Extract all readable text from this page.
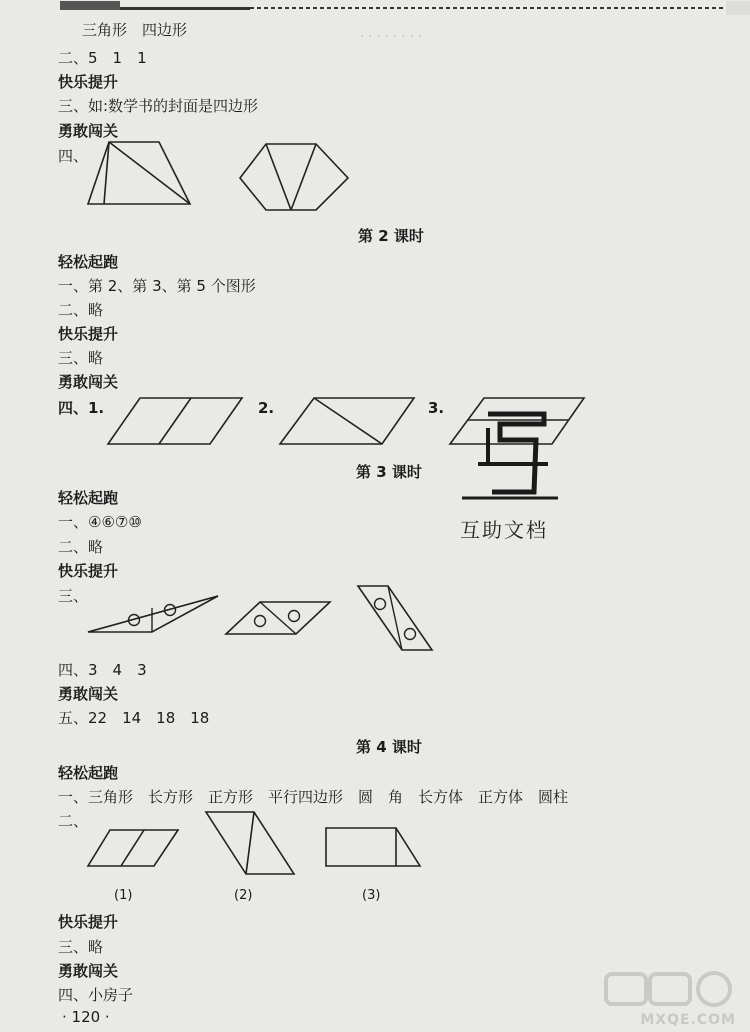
· · · · · · · ·
三角形　四边形
二、5　1　1
快乐提升
三、如:数学书的封面是四边形
勇敢闯关
四、
第 2 课时
轻松起跑
一、第 2、第 3、第 5 个图形
二、略
快乐提升
三、略
勇敢闯关
四、1.	2.	3.
互助文档
第 3 课时
轻松起跑
一、④⑥⑦⑩
二、略
快乐提升
三、
四、3　4　3
勇敢闯关
五、22　14　18　18
第 4 课时
轻松起跑
一、三角形　长方形　正方形　平行四边形　圆　角　长方体　正方体　圆柱
二、
(1)	(2)	(3)
快乐提升
三、略
勇敢闯关
四、小房子
· 120 ·	MXQE.COM
